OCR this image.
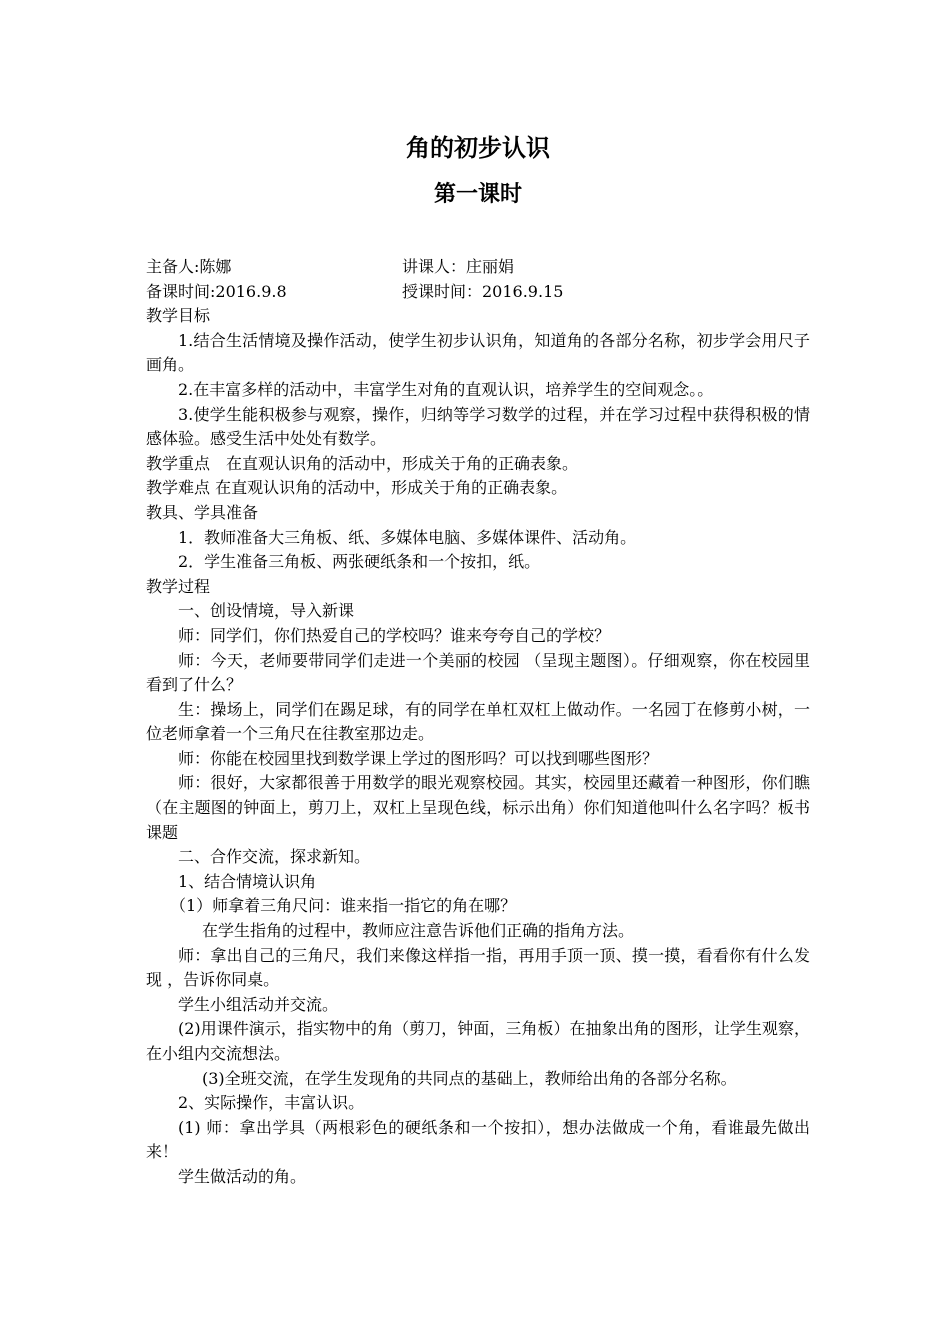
角的初步认识
第一课时
主备人:陈娜	讲课人：庄丽娟
备课时间:2016.9.8	授课时间：2016.9.15

教学目标

1.结合生活情境及操作活动，使学生初步认识角，知道角的各部分名称，初步学会用尺子画角。

2.在丰富多样的活动中，丰富学生对角的直观认识，培养学生的空间观念。。

3.使学生能积极参与观察，操作，归纳等学习数学的过程，并在学习过程中获得积极的情感体验。感受生活中处处有数学。

教学重点　在直观认识角的活动中，形成关于角的正确表象。

教学难点 在直观认识角的活动中，形成关于角的正确表象。

教具、学具准备

1．教师准备大三角板、纸、多媒体电脑、多媒体课件、活动角。

2．学生准备三角板、两张硬纸条和一个按扣，纸。

教学过程

一、创设情境，导入新课

师：同学们，你们热爱自己的学校吗？谁来夸夸自己的学校？

师：今天，老师要带同学们走进一个美丽的校园 （呈现主题图）。仔细观察，你在校园里看到了什么？

生：操场上，同学们在踢足球，有的同学在单杠双杠上做动作。一名园丁在修剪小树，一位老师拿着一个三角尺在往教室那边走。

师：你能在校园里找到数学课上学过的图形吗？可以找到哪些图形？

师：很好，大家都很善于用数学的眼光观察校园。其实，校园里还藏着一种图形，你们瞧（在主题图的钟面上，剪刀上，双杠上呈现色线，标示出角）你们知道他叫什么名字吗？板书课题

二、合作交流，探求新知。

1、结合情境认识角

（1）师拿着三角尺问：谁来指一指它的角在哪？

在学生指角的过程中，教师应注意告诉他们正确的指角方法。

师：拿出自己的三角尺，我们来像这样指一指，再用手顶一顶、摸一摸，看看你有什么发现 ，告诉你同桌。

学生小组活动并交流。

(2)用课件演示，指实物中的角（剪刀，钟面，三角板）在抽象出角的图形，让学生观察，在小组内交流想法。

(3)全班交流，在学生发现角的共同点的基础上，教师给出角的各部分名称。

2、实际操作，丰富认识。

(1) 师：拿出学具（两根彩色的硬纸条和一个按扣），想办法做成一个角，看谁最先做出来！

学生做活动的角。
